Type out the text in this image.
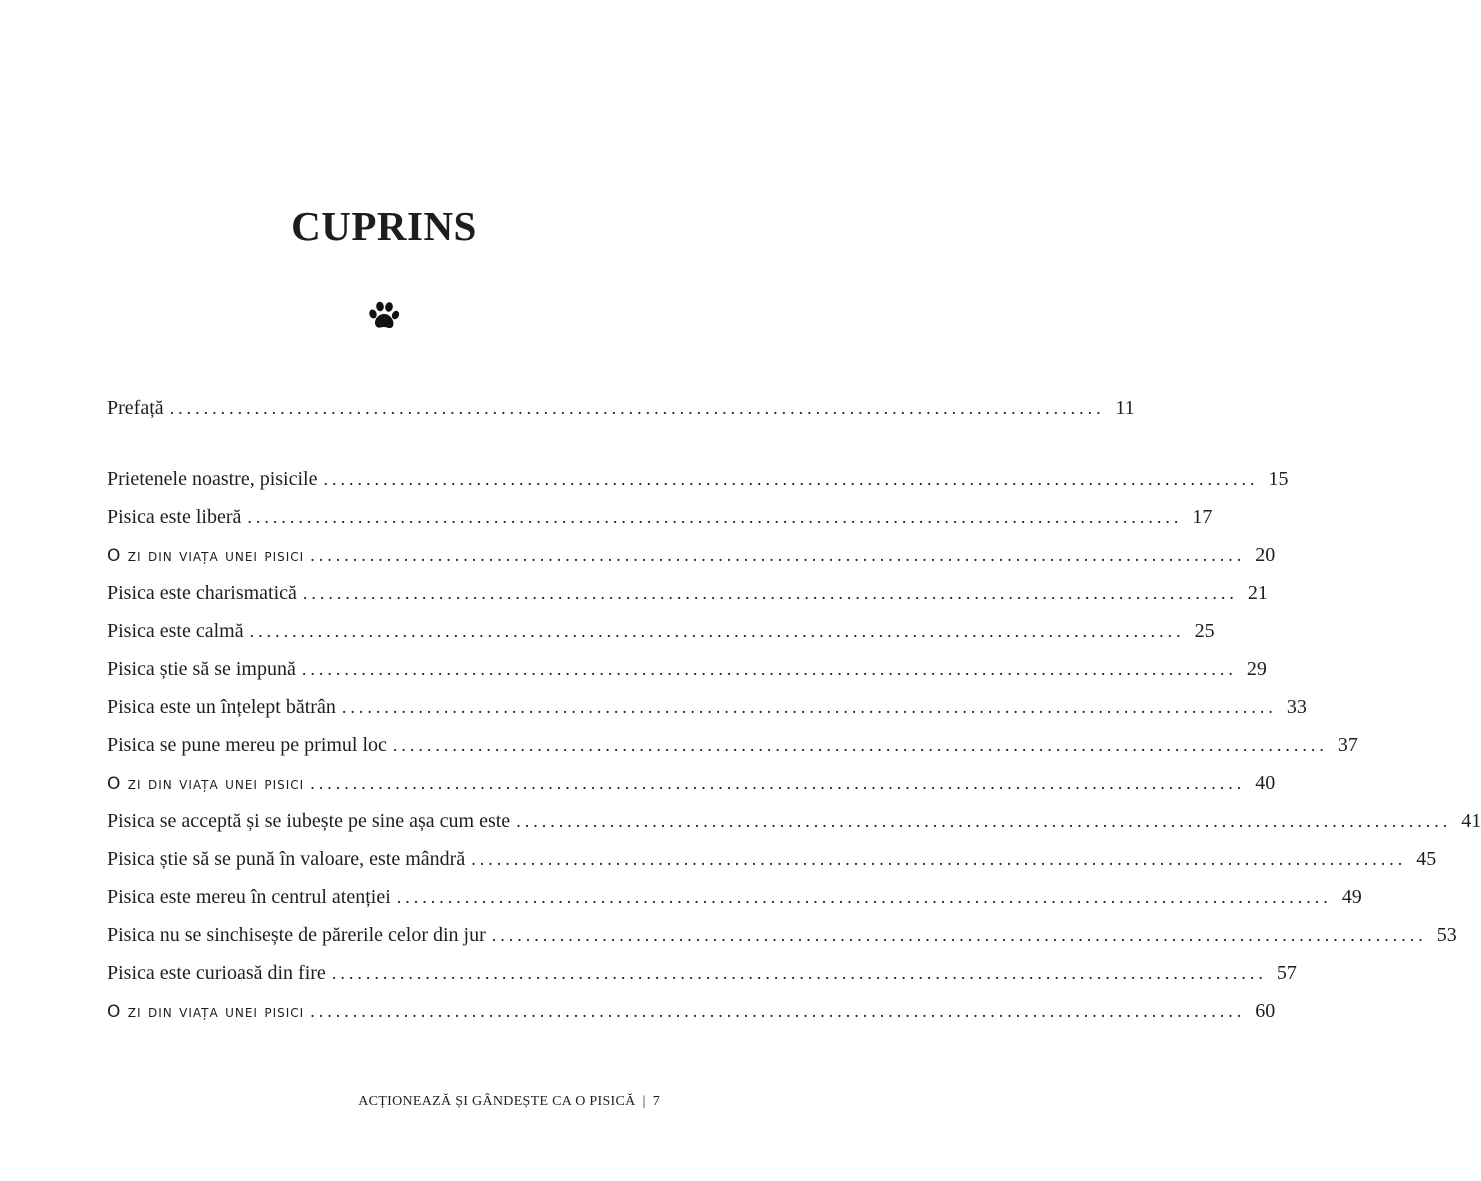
CUPRINS
Prefață .............................................................................................................. 11
Prietenele noastre, pisicile .............................................................................................................. 15
Pisica este liberă .............................................................................................................. 17
O zi din viața unei pisici .............................................................................................................. 20
Pisica este charismatică .............................................................................................................. 21
Pisica este calmă .............................................................................................................. 25
Pisica știe să se impună .............................................................................................................. 29
Pisica este un înțelept bătrân .............................................................................................................. 33
Pisica se pune mereu pe primul loc .............................................................................................................. 37
O zi din viața unei pisici .............................................................................................................. 40
Pisica se acceptă și se iubește pe sine așa cum este .............................................................................................................. 41
Pisica știe să se pună în valoare, este mândră .............................................................................................................. 45
Pisica este mereu în centrul atenției .............................................................................................................. 49
Pisica nu se sinchisește de părerile celor din jur .............................................................................................................. 53
Pisica este curioasă din fire .............................................................................................................. 57
O zi din viața unei pisici .............................................................................................................. 60
ACȚIONEAZĂ ȘI GÂNDEȘTE CA O PISICĂ | 7
